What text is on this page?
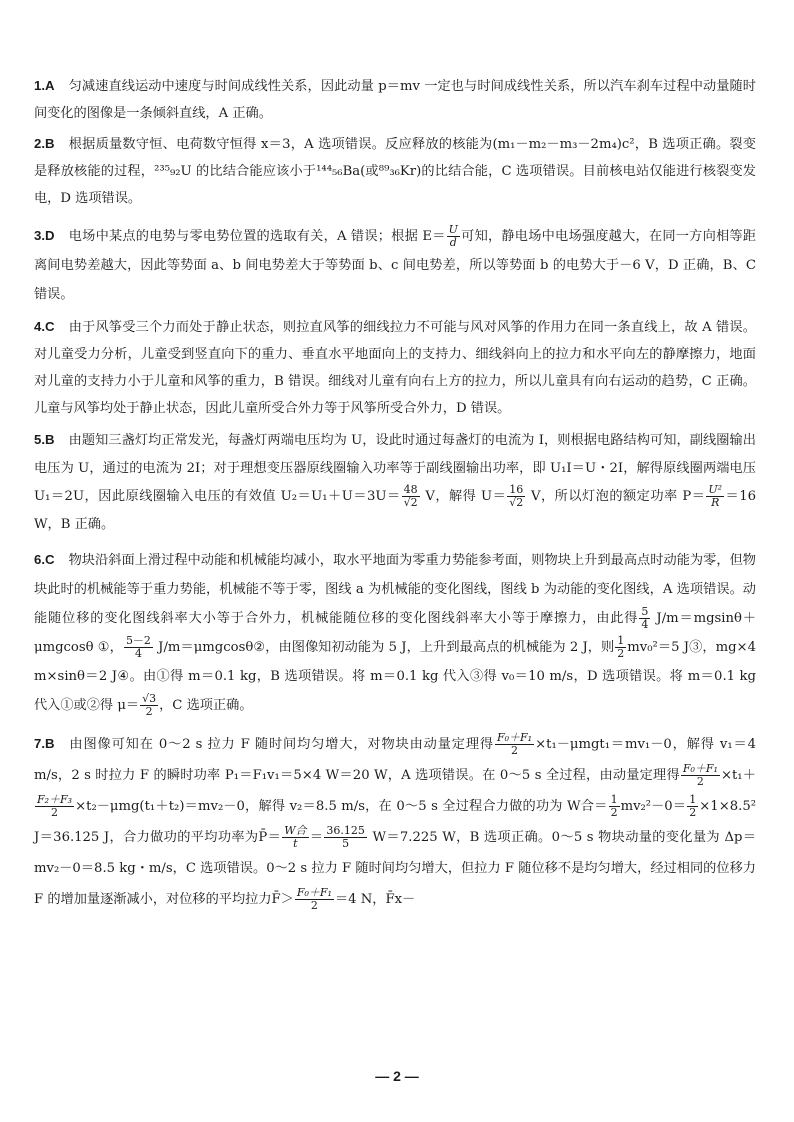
1.A 匀减速直线运动中速度与时间成线性关系，因此动量 p＝mv 一定也与时间成线性关系，所以汽车刹车过程中动量随时间变化的图像是一条倾斜直线，A 正确。

2.B 根据质量数守恒、电荷数守恒得 x＝3，A 选项错误。反应释放的核能为(m₁－m₂－m₃－2m₄)c²，B 选项正确。裂变是释放核能的过程，²³⁵₉₂U 的比结合能应该小于¹⁴⁴₅₆Ba(或⁸⁹₃₆Kr)的比结合能，C 选项错误。目前核电站仅能进行核裂变发电，D 选项错误。

3.D 电场中某点的电势与零电势位置的选取有关，A 错误；根据 $E= \frac{U}{d}$ 可知，静电场中电场强度越大，在同一方向相等距离间电势差越大，因此等势面 a、b 间电势差大于等势面 b、c 间电势差，所以等势面 b 的电势大于－6 V，D 正确，B、C 错误。

4.C 由于风筝受三个力而处于静止状态，则拉直风筝的细线拉力不可能与风对风筝的作用力在同一条直线上，故 A 错误。对儿童受力分析，儿童受到竖直向下的重力、垂直水平地面向上的支持力、细线斜向上的拉力和水平向左的静摩擦力，地面对儿童的支持力小于儿童和风筝的重力，B 错误。细线对儿童有向右上方的拉力，所以儿童具有向右运动的趋势，C 正确。儿童与风筝均处于静止状态，因此儿童所受合外力等于风筝所受合外力，D 错误。

5.B 由题知三盏灯均正常发光，每盏灯两端电压均为 U，设此时通过每盏灯的电流为 I，则根据电路结构可知，副线圈输出电压为 U，通过的电流为 2I；对于理想变压器原线圈输入功率等于副线圈输出功率，即 U₁I＝U・2I，解得原线圈两端电压 U₁＝2U，因此原线圈输入电压的有效值 $U_2=U_1+U=3U= \frac{48}{√2}$ V，解得 $U= \frac{16}{√2}$ V，所以灯泡的额定功率 $P= \frac{\text{U²}}{R} =16$ W，B 正确。

6.C 物块沿斜面上滑过程中动能和机械能均减小，取水平地面为零重力势能参考面，则物块上升到最高点时动能为零，但物块此时的机械能等于重力势能，机械能不等于零，图线 a 为机械能的变化图线，图线 b 为动能的变化图线，A 选项错误。动能随位移的变化图线斜率大小等于合外力，机械能随位移的变化图线斜率大小等于摩擦力，由此得 $\frac{5}{4} J/m=mgsin\theta+\mu mgcos\theta$ ①， $\frac{5-2}{4}$ J/m＝μmgcosθ②，由图像知初动能为 5 J，上升到最高点的机械能为 2 J，则 $\frac{1}{2} mv_0^2=5$ J③，mg×4 m×sinθ＝2 J④。由①得 m＝0.1 kg，B 选项错误。将 m＝0.1 kg 代入③得 v₀＝10 m/s，D 选项错误。将 m＝0.1 kg 代入①或②得 $\mu= \frac{√3}{2}$ ，C 选项正确。

7.B 由图像可知在 0～2 s 拉力 F 随时间均匀增大，对物块由动量定理得 $\frac{\text{F₀＋F₁}}{2} \times t_1-\mu mgt_1=mv_1-0$，解得 v₁＝4 m/s，2 s 时拉力 F 的瞬时功率 P₁＝F₁v₁＝5×4 W＝20 W，A 选项错误。在 0～5 s 全过程，由动量定理得 $\frac{\text{F₀＋F₁}}{2} \times t_1+$
$\frac{\text{F₂＋F₃}}{2} \times t_2-\mu mg(t_1+t_2)=mv_2-0$，解得 v₂＝8.5 m/s，在 0～5 s 全过程合力做的功为 W合＝ $\frac{1}{2} mv_2^2-0= \frac{1}{2} \times 1\times 8.5^2$ J＝36.125 J，合力做功的平均功率为P̄＝ $\frac{\text{W合}}{t} = \frac{36.125}{5} W=7.225$ W，B 选项正确。0～5 s 物块动量的变化量为 Δp＝mv₂－0＝8.5 kg・m/s，C 选项错误。0～2 s 拉力 F 随时间均匀增大，但拉力 F 随位移不是均匀增大，经过相同的位移力 F 的增加量逐渐减小，对位移的平均拉力F̄＞ $\frac{\text{F₀＋F₁}}{2} =4$ N，F̄x－

— 2 —
